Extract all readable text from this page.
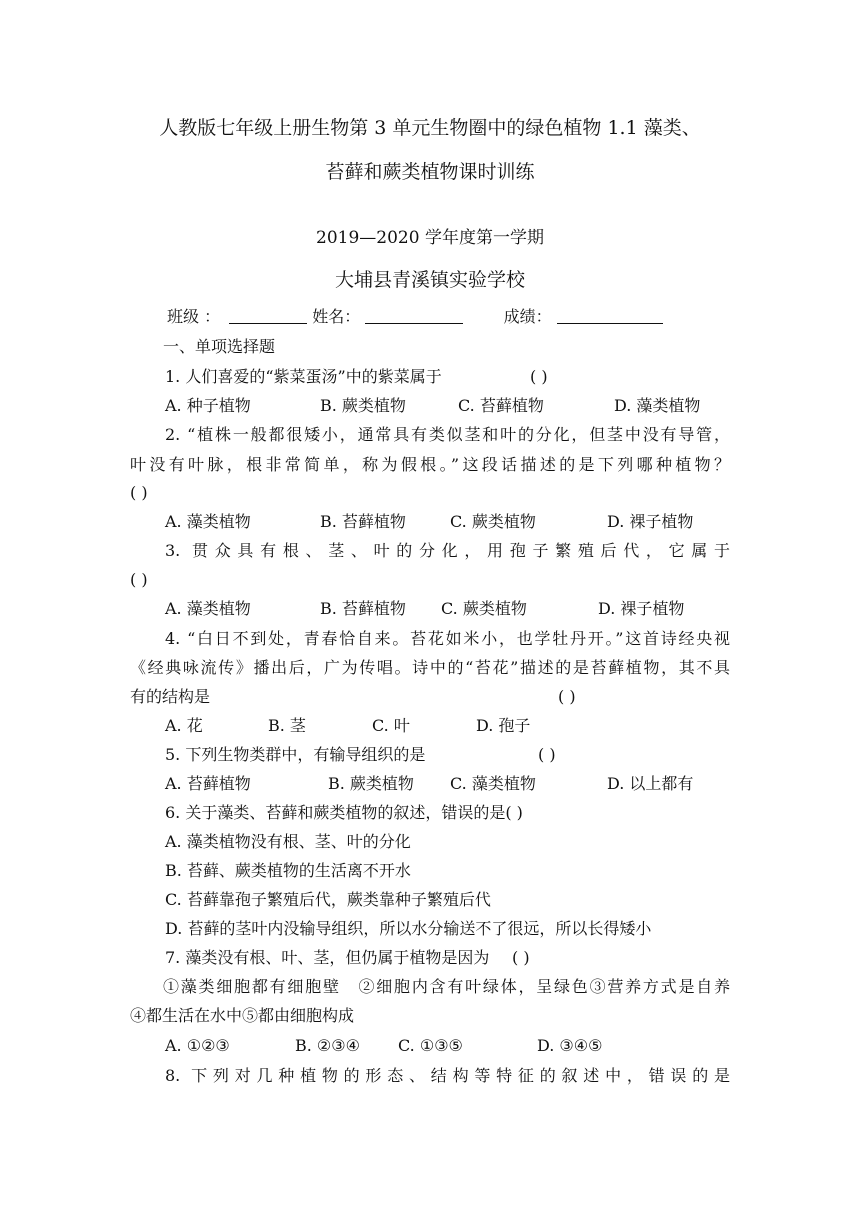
人教版七年级上册生物第 3 单元生物圈中的绿色植物 1.1 藻类、
苔藓和蕨类植物课时训练
2019—2020 学年度第一学期
大埔县青溪镇实验学校
班级 ：	姓名：	成绩：
一、单项选择题
1. 人们喜爱的“紫菜蛋汤”中的紫菜属于	( )
A. 种子植物	B. 蕨类植物	C. 苔藓植物	D. 藻类植物
2. “植株一般都很矮小，通常具有类似茎和叶的分化，但茎中没有导管，
叶没有叶脉，根非常简单，称为假根。”这段话描述的是下列哪种植物？
( )
A. 藻类植物	B. 苔藓植物	C. 蕨类植物	D. 裸子植物
3. 贯众具有根、茎、叶的分化，用孢子繁殖后代，它属于
( )
A. 藻类植物	B. 苔藓植物 C. 蕨类植物	D. 裸子植物
4. “白日不到处，青春恰自来。苔花如米小，也学牡丹开。”这首诗经央视
《经典咏流传》播出后，广为传唱。诗中的“苔花”描述的是苔藓植物，其不具
有的结构是	( )
A. 花	B. 茎	C. 叶	D. 孢子
5. 下列生物类群中，有输导组织的是	( )
A. 苔藓植物	B. 蕨类植物 C. 藻类植物	D. 以上都有
6. 关于藻类、苔藓和蕨类植物的叙述，错误的是( )
A. 藻类植物没有根、茎、叶的分化
B. 苔藓、蕨类植物的生活离不开水
C. 苔藓靠孢子繁殖后代，蕨类靠种子繁殖后代
D. 苔藓的茎叶内没输导组织，所以水分输送不了很远，所以长得矮小
7. 藻类没有根、叶、茎，但仍属于植物是因为 ( )
①藻类细胞都有细胞壁　②细胞内含有叶绿体，呈绿色③营养方式是自养
④都生活在水中⑤都由细胞构成
A. ①②③	B. ②③④ C. ①③⑤	D. ③④⑤
8. 下列对几种植物的形态、结构等特征的叙述中，错误的是
